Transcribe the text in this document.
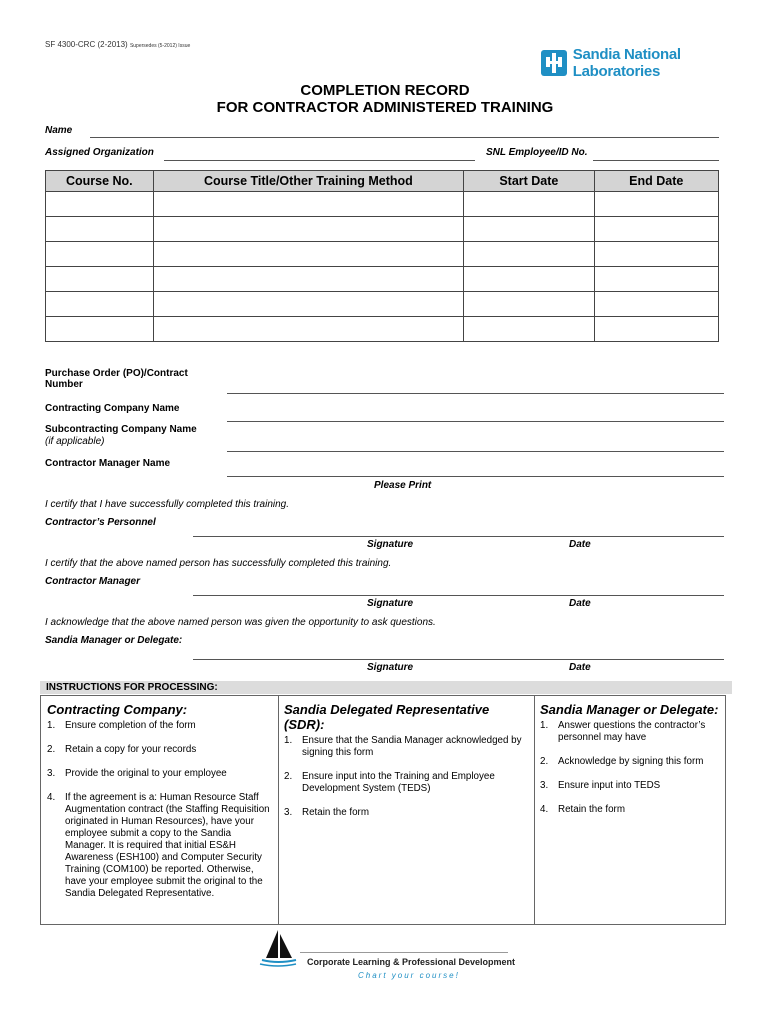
SF 4300-CRC (2-2013) Supersedes (5-2012) Issue	Sandia National Laboratories
COMPLETION RECORD
FOR CONTRACTOR ADMINISTERED TRAINING
Name
Assigned Organization	SNL Employee/ID No.
Course No.	Course Title/Other Training Method	Start Date	End Date

Purchase Order (PO)/Contract Number
Contracting Company Name
Subcontracting Company Name
(if applicable)
Contractor Manager Name
Please Print
I certify that I have successfully completed this training.
Contractor’s Personnel
Signature	Date
I certify that the above named person has successfully completed this training.
Contractor Manager
Signature	Date
I acknowledge that the above named person was given the opportunity to ask questions.
Sandia Manager or Delegate:
Signature	Date
INSTRUCTIONS FOR PROCESSING:
Contracting Company:
1.	Ensure completion of the form
2.	Retain a copy for your records
3.	Provide the original to your employee
4.	If the agreement is a: Human Resource Staff Augmentation contract (the Staffing Requisition originated in Human Resources), have your employee submit a copy to the Sandia Manager. It is required that initial ES&H Awareness (ESH100) and Computer Security Training (COM100) be reported. Otherwise, have your employee submit the original to the Sandia Delegated Representative.
Sandia Delegated Representative (SDR):
1.	Ensure that the Sandia Manager acknowledged by signing this form
2.	Ensure input into the Training and Employee Development System (TEDS)
3.	Retain the form
Sandia Manager or Delegate:
1.	Answer questions the contractor’s personnel may have
2.	Acknowledge by signing this form
3.	Ensure input into TEDS
4.	Retain the form
Corporate Learning & Professional Development
Chart your course!
